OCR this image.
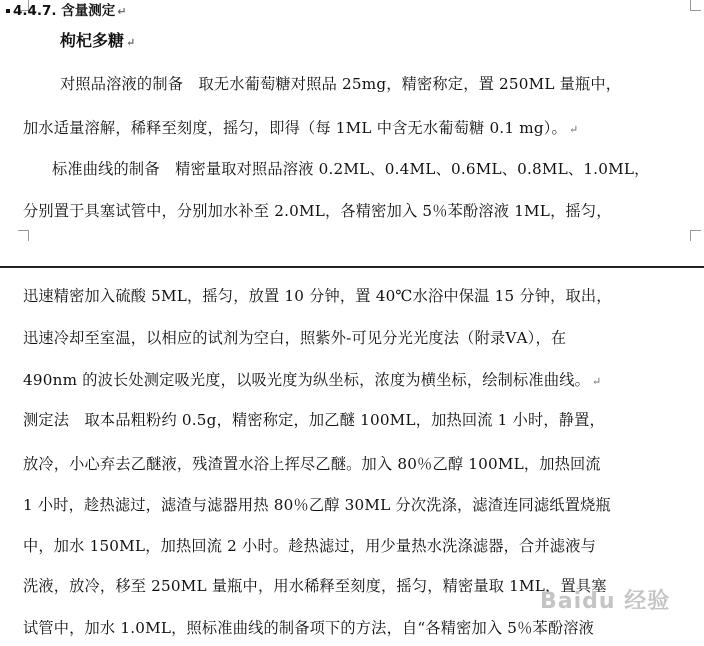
4.4.7. 含量测定 ↵
枸杞多糖 ↵
对照品溶液的制备　取无水葡萄糖对照品 25mg，精密称定，置 250ML 量瓶中，
加水适量溶解，稀释至刻度，摇匀，即得（每 1ML 中含无水葡萄糖 0.1 mg）。 ↵
标准曲线的制备　精密量取对照品溶液 0.2ML、0.4ML、0.6ML、0.8ML、1.0ML，
分别置于具塞试管中，分别加水补至 2.0ML，各精密加入 5％苯酚溶液 1ML，摇匀，
迅速精密加入硫酸 5ML，摇匀，放置 10 分钟，置 40℃水浴中保温 15 分钟，取出，
迅速冷却至室温，以相应的试剂为空白，照紫外-可见分光光度法（附录ⅤA），在
490nm 的波长处测定吸光度，以吸光度为纵坐标，浓度为横坐标，绘制标准曲线。 ↵
测定法　取本品粗粉约 0.5g，精密称定，加乙醚 100ML，加热回流 1 小时，静置，
放冷，小心弃去乙醚液，残渣置水浴上挥尽乙醚。加入 80％乙醇 100ML，加热回流
1 小时，趁热滤过，滤渣与滤器用热 80％乙醇 30ML 分次洗涤，滤渣连同滤纸置烧瓶
中，加水 150ML，加热回流 2 小时。趁热滤过，用少量热水洗涤滤器，合并滤液与
洗液，放冷，移至 250ML 量瓶中，用水稀释至刻度，摇匀，精密量取 1ML，置具塞
试管中，加水 1.0ML，照标准曲线的制备项下的方法，自“各精密加入 5％苯酚溶液
Baidu 经验
